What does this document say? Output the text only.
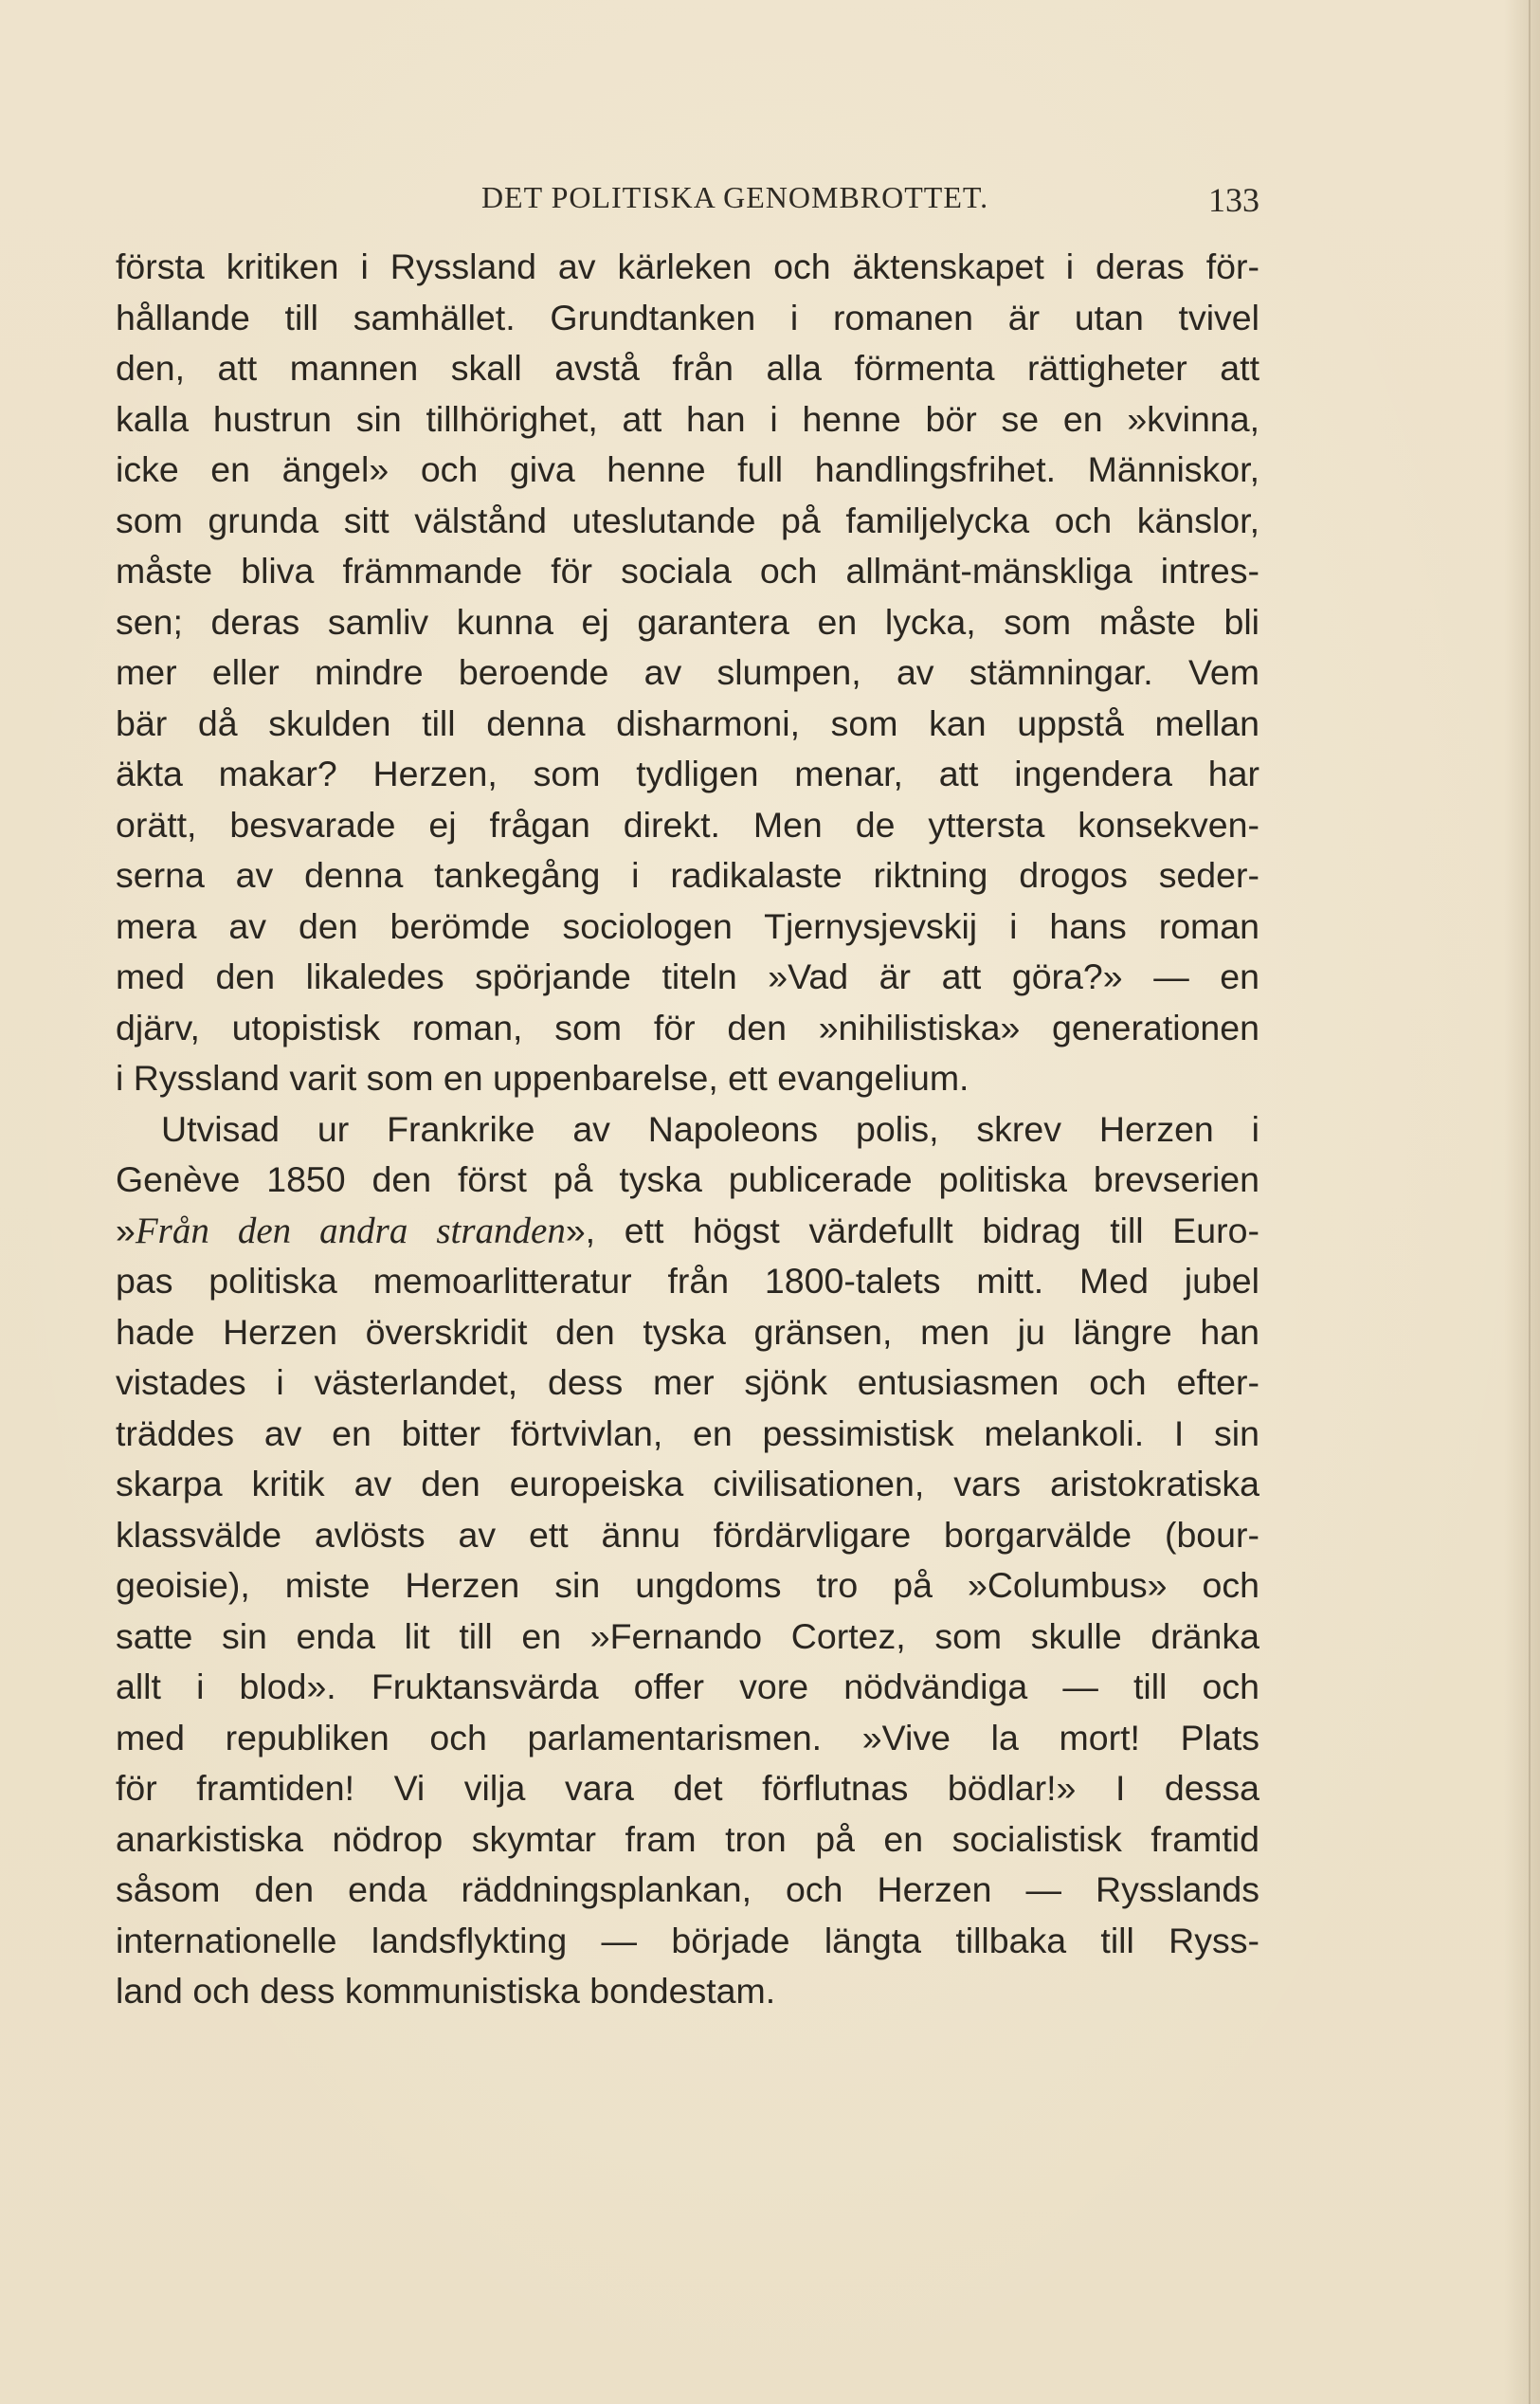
DET POLITISKA GENOMBROTTET.	133
första kritiken i Ryssland av kärleken och äktenskapet i deras för-
hållande till samhället. Grundtanken i romanen är utan tvivel
den, att mannen skall avstå från alla förmenta rättigheter att
kalla hustrun sin tillhörighet, att han i henne bör se en »kvinna,
icke en ängel» och giva henne full handlingsfrihet. Människor,
som grunda sitt välstånd uteslutande på familjelycka och känslor,
måste bliva främmande för sociala och allmänt-mänskliga intres-
sen; deras samliv kunna ej garantera en lycka, som måste bli
mer eller mindre beroende av slumpen, av stämningar. Vem
bär då skulden till denna disharmoni, som kan uppstå mellan
äkta makar? Herzen, som tydligen menar, att ingendera har
orätt, besvarade ej frågan direkt. Men de yttersta konsekven-
serna av denna tankegång i radikalaste riktning drogos seder-
mera av den berömde sociologen Tjernysjevskij i hans roman
med den likaledes spörjande titeln »Vad är att göra?» — en
djärv, utopistisk roman, som för den »nihilistiska» generationen
i Ryssland varit som en uppenbarelse, ett evangelium.
Utvisad ur Frankrike av Napoleons polis, skrev Herzen i
Genève 1850 den först på tyska publicerade politiska brevserien
»Från den andra stranden», ett högst värdefullt bidrag till Euro-
pas politiska memoarlitteratur från 1800-talets mitt. Med jubel
hade Herzen överskridit den tyska gränsen, men ju längre han
vistades i västerlandet, dess mer sjönk entusiasmen och efter-
träddes av en bitter förtvivlan, en pessimistisk melankoli. I sin
skarpa kritik av den europeiska civilisationen, vars aristokratiska
klassvälde avlösts av ett ännu fördärvligare borgarvälde (bour-
geoisie), miste Herzen sin ungdoms tro på »Columbus» och
satte sin enda lit till en »Fernando Cortez, som skulle dränka
allt i blod». Fruktansvärda offer vore nödvändiga — till och
med republiken och parlamentarismen. »Vive la mort! Plats
för framtiden! Vi vilja vara det förflutnas bödlar!» I dessa
anarkistiska nödrop skymtar fram tron på en socialistisk framtid
såsom den enda räddningsplankan, och Herzen — Rysslands
internationelle landsflykting — började längta tillbaka till Ryss-
land och dess kommunistiska bondestam.
